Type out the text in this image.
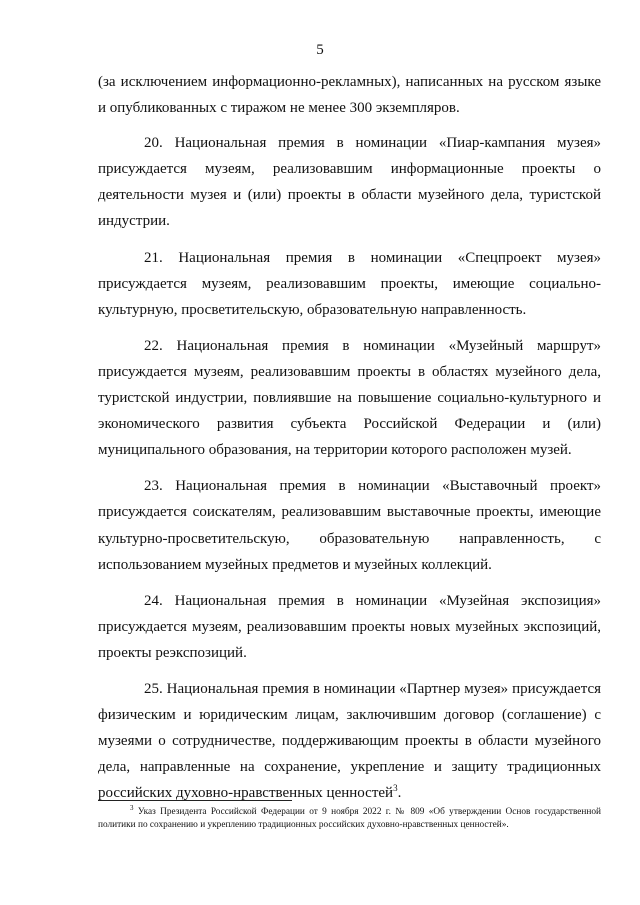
5

(за исключением информационно-рекламных), написанных на русском языке и опубликованных с тиражом не менее 300 экземпляров.

20. Национальная премия в номинации «Пиар-кампания музея» присуждается музеям, реализовавшим информационные проекты о деятельности музея и (или) проекты в области музейного дела, туристской индустрии.

21. Национальная премия в номинации «Спецпроект музея» присуждается музеям, реализовавшим проекты, имеющие социально-культурную, просветительскую, образовательную направленность.

22. Национальная премия в номинации «Музейный маршрут» присуждается музеям, реализовавшим проекты в областях музейного дела, туристской индустрии, повлиявшие на повышение социально-культурного и экономического развития субъекта Российской Федерации и (или) муниципального образования, на территории которого расположен музей.

23. Национальная премия в номинации «Выставочный проект» присуждается соискателям, реализовавшим выставочные проекты, имеющие культурно-просветительскую, образовательную направленность, с использованием музейных предметов и музейных коллекций.

24. Национальная премия в номинации «Музейная экспозиция» присуждается музеям, реализовавшим проекты новых музейных экспозиций, проекты реэкспозиций.

25. Национальная премия в номинации «Партнер музея» присуждается физическим и юридическим лицам, заключившим договор (соглашение) с музеями о сотрудничестве, поддерживающим проекты в области музейного дела, направленные на сохранение, укрепление и защиту традиционных российских духовно-нравственных ценностей$^3$.

$^3$ Указ Президента Российской Федерации от 9 ноября 2022 г. № 809 «Об утверждении Основ государственной политики по сохранению и укреплению традиционных российских духовно-нравственных ценностей».
